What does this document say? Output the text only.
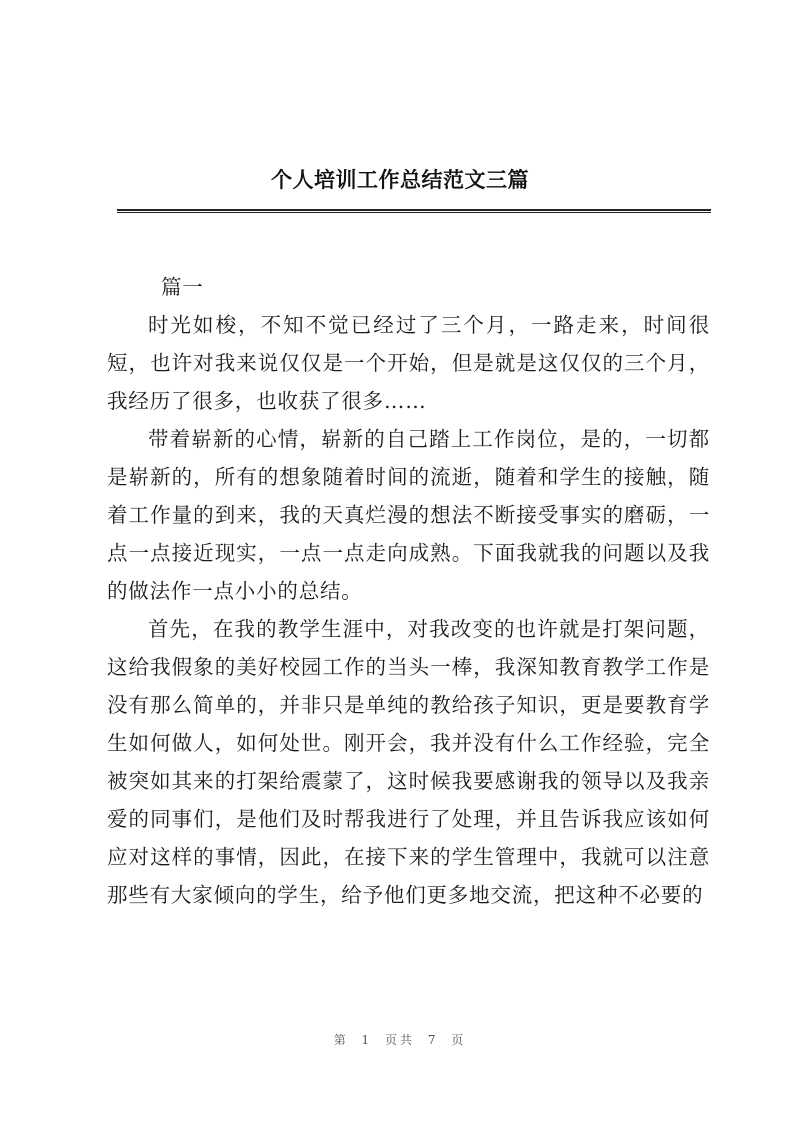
个人培训工作总结范文三篇

篇一

时光如梭，不知不觉已经过了三个月，一路走来，时间很短，也许对我来说仅仅是一个开始，但是就是这仅仅的三个月，我经历了很多，也收获了很多……

带着崭新的心情，崭新的自己踏上工作岗位，是的，一切都是崭新的，所有的想象随着时间的流逝，随着和学生的接触，随着工作量的到来，我的天真烂漫的想法不断接受事实的磨砺，一点一点接近现实，一点一点走向成熟。下面我就我的问题以及我的做法作一点小小的总结。

首先，在我的教学生涯中，对我改变的也许就是打架问题，这给我假象的美好校园工作的当头一棒，我深知教育教学工作是没有那么简单的，并非只是单纯的教给孩子知识，更是要教育学生如何做人，如何处世。刚开会，我并没有什么工作经验，完全被突如其来的打架给震蒙了，这时候我要感谢我的领导以及我亲爱的同事们，是他们及时帮我进行了处理，并且告诉我应该如何应对这样的事情，因此，在接下来的学生管理中，我就可以注意那些有大家倾向的学生，给予他们更多地交流，把这种不必要的

第 1 页共 7 页
